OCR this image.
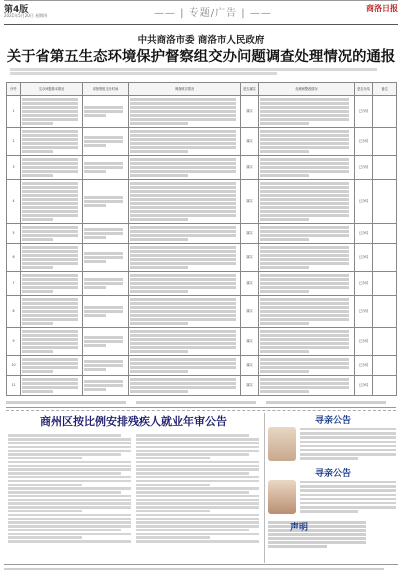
第4版
2021年5月20日 星期四	—— | 专题/广告 | ——	商洛日报
中共商洛市委 商洛市人民政府
关于省第五生态环境保护督察组交办问题调查处理情况的通报
序号	交办问题基本情况	省督察组交办时间	调查核实情况	是否属实	处理和整改情况	是否办结	备注
1				属实		已办结	
2				属实		已办结	
3				属实		已办结	
4				属实		已办结	
5				属实		已办结	
6				属实		已办结	
7				属实		已办结	
8				属实		已办结	
9				属实		已办结	
10				属实		已办结	
11				属实		已办结	
商州区按比例安排残疾人就业年审公告	寻亲公告
寻亲公告
声明
